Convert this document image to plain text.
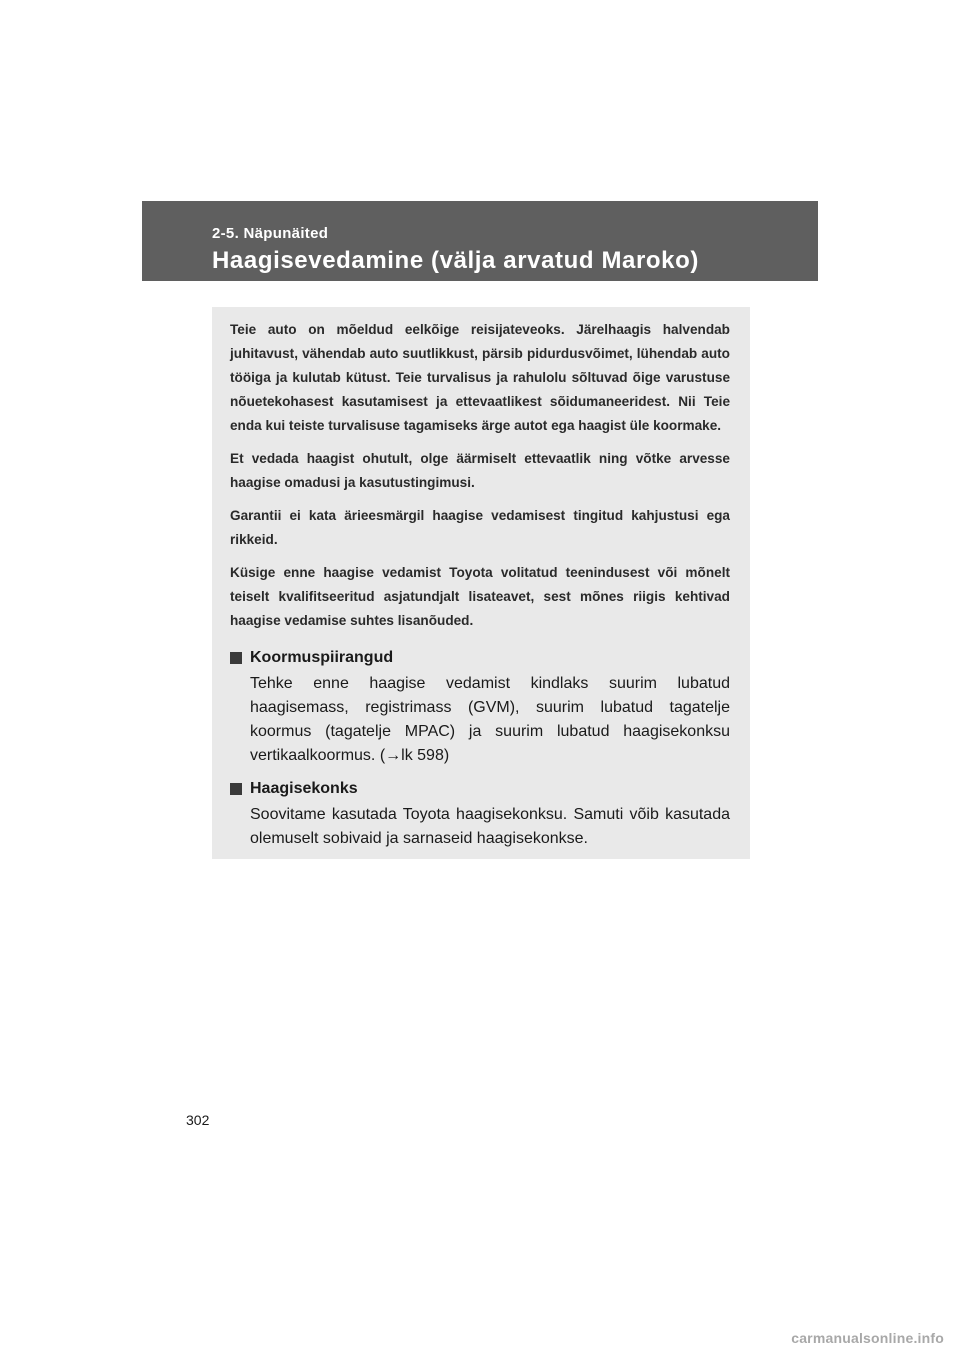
2-5. Näpunäited
Haagisevedamine (välja arvatud Maroko)

Teie auto on mõeldud eelkõige reisijateveoks. Järelhaagis halvendab juhitavust, vähendab auto suutlikkust, pärsib pidurdusvõimet, lühendab auto tööiga ja kulutab kütust. Teie turvalisus ja rahulolu sõltuvad õige varustuse nõuetekohasest kasutamisest ja ettevaatlikest sõidumaneeridest. Nii Teie enda kui teiste turvalisuse tagamiseks ärge autot ega haagist üle koormake.

Et vedada haagist ohutult, olge äärmiselt ettevaatlik ning võtke arvesse haagise omadusi ja kasutustingimusi.

Garantii ei kata ärieesmärgil haagise vedamisest tingitud kahjustusi ega rikkeid.

Küsige enne haagise vedamist Toyota volitatud teenindusest või mõnelt teiselt kvalifitseeritud asjatundjalt lisateavet, sest mõnes riigis kehtivad haagise vedamise suhtes lisanõuded.

Koormuspiirangud
Tehke enne haagise vedamist kindlaks suurim lubatud haagisemass, registrimass (GVM), suurim lubatud tagatelje koormus (tagatelje MPAC) ja suurim lubatud haagisekonksu vertikaalkoormus. (→lk 598)
Haagisekonks
Soovitame kasutada Toyota haagisekonksu. Samuti võib kasutada olemuselt sobivaid ja sarnaseid haagisekonkse.
302
carmanualsonline.info
